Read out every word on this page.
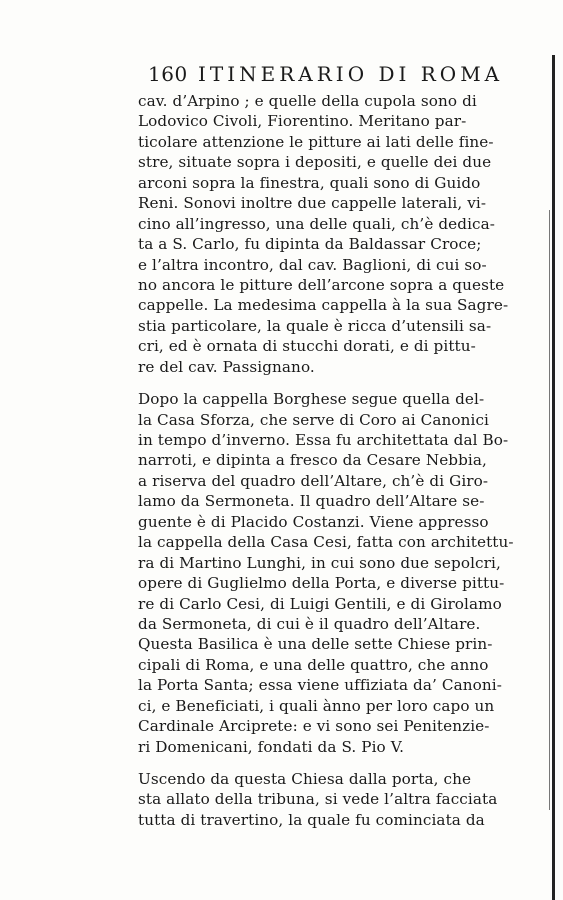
160 ITINERARIO DI ROMA
cav. d’Arpino ; e quelle della cupola sono di
Lodovico Civoli, Fiorentino. Meritano par-
ticolare attenzione le pitture ai lati delle fine-
stre, situate sopra i depositi, e quelle dei due
arconi sopra la finestra, quali sono di Guido
Reni. Sonovi inoltre due cappelle laterali, vi-
cino all’ingresso, una delle quali, ch’è dedica-
ta a S. Carlo, fu dipinta da Baldassar Croce;
e l’altra incontro, dal cav. Baglioni, di cui so-
no ancora le pitture dell’arcone sopra a queste
cappelle. La medesima cappella à la sua Sagre-
stia particolare, la quale è ricca d’utensili sa-
cri, ed è ornata di stucchi dorati, e di pittu-
re del cav. Passignano.
Dopo la cappella Borghese segue quella del-
la Casa Sforza, che serve di Coro ai Canonici
in tempo d’inverno. Essa fu architettata dal Bo-
narroti, e dipinta a fresco da Cesare Nebbia,
a riserva del quadro dell’Altare, ch’è di Giro-
lamo da Sermoneta. Il quadro dell’Altare se-
guente è di Placido Costanzi. Viene appresso
la cappella della Casa Cesi, fatta con architettu-
ra di Martino Lunghi, in cui sono due sepolcri,
opere di Guglielmo della Porta, e diverse pittu-
re di Carlo Cesi, di Luigi Gentili, e di Girolamo
da Sermoneta, di cui è il quadro dell’Altare.
Questa Basilica è una delle sette Chiese prin-
cipali di Roma, e una delle quattro, che anno
la Porta Santa; essa viene uffiziata da’ Canoni-
ci, e Beneficiati, i quali ànno per loro capo un
Cardinale Arciprete: e vi sono sei Penitenzie-
ri Domenicani, fondati da S. Pio V.
Uscendo da questa Chiesa dalla porta, che
sta allato della tribuna, si vede l’altra facciata
tutta di travertino, la quale fu cominciata da
